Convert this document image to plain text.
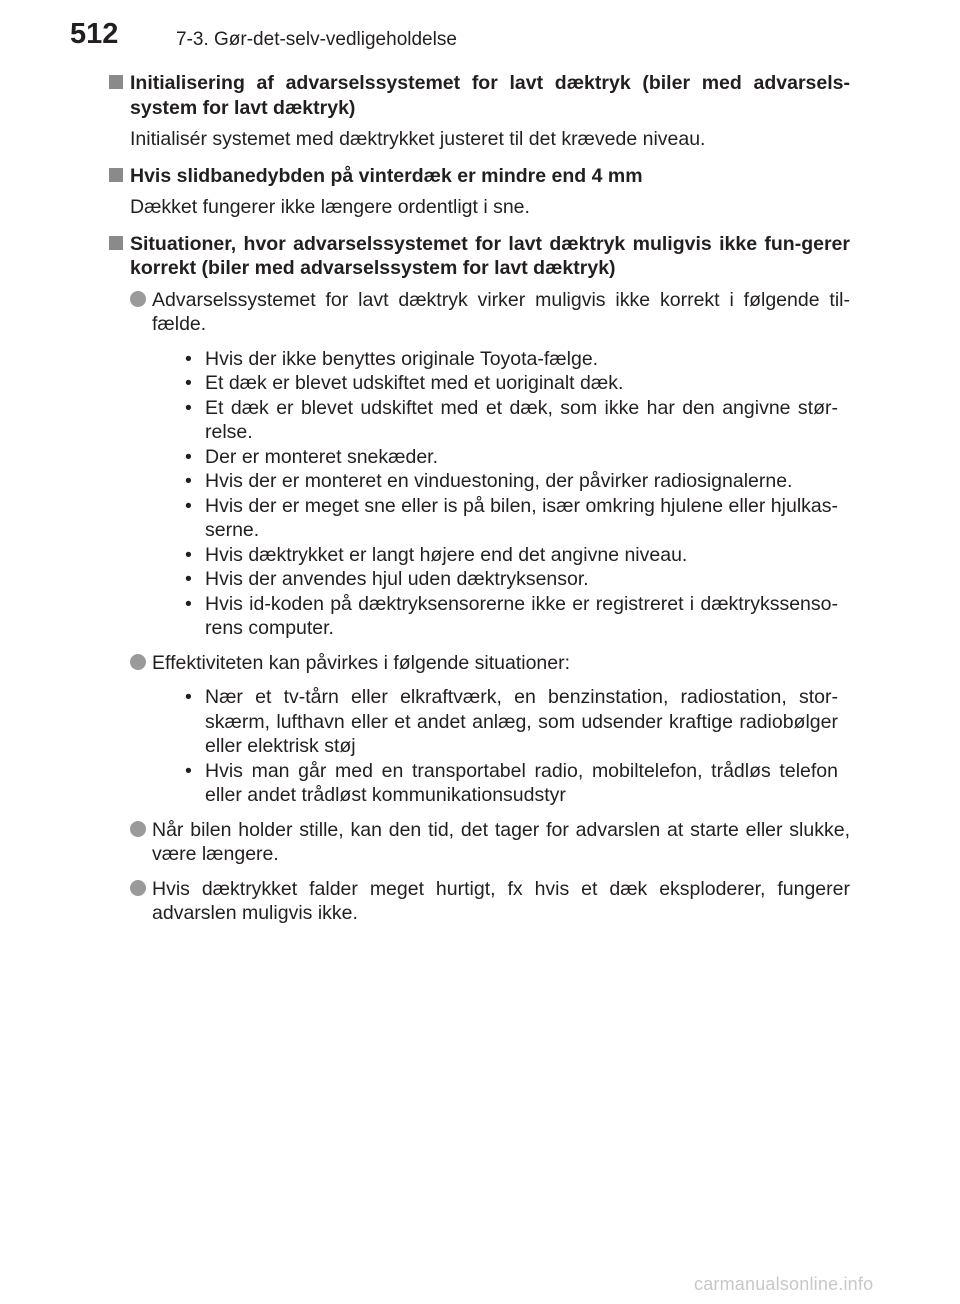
512	7-3. Gør-det-selv-vedligeholdelse
Initialisering af advarselssystemet for lavt dæktryk (biler med advarsels-system for lavt dæktryk)
Initialisér systemet med dæktrykket justeret til det krævede niveau.
Hvis slidbanedybden på vinterdæk er mindre end 4 mm
Dækket fungerer ikke længere ordentligt i sne.
Situationer, hvor advarselssystemet for lavt dæktryk muligvis ikke fun-gerer korrekt (biler med advarselssystem for lavt dæktryk)
Advarselssystemet for lavt dæktryk virker muligvis ikke korrekt i følgende til-fælde.
• Hvis der ikke benyttes originale Toyota-fælge.
• Et dæk er blevet udskiftet med et uoriginalt dæk.
• Et dæk er blevet udskiftet med et dæk, som ikke har den angivne stør-relse.
• Der er monteret snekæder.
• Hvis der er monteret en vinduestoning, der påvirker radiosignalerne.
• Hvis der er meget sne eller is på bilen, især omkring hjulene eller hjulkas-serne.
• Hvis dæktrykket er langt højere end det angivne niveau.
• Hvis der anvendes hjul uden dæktryksensor.
• Hvis id-koden på dæktryksensorerne ikke er registreret i dæktrykssenso-rens computer.
Effektiviteten kan påvirkes i følgende situationer:
• Nær et tv-tårn eller elkraftværk, en benzinstation, radiostation, stor-skærm, lufthavn eller et andet anlæg, som udsender kraftige radiobølger eller elektrisk støj
• Hvis man går med en transportabel radio, mobiltelefon, trådløs telefon eller andet trådløst kommunikationsudstyr
Når bilen holder stille, kan den tid, det tager for advarslen at starte eller slukke, være længere.
Hvis dæktrykket falder meget hurtigt, fx hvis et dæk eksploderer, fungerer advarslen muligvis ikke.
carmanualsonline.info
